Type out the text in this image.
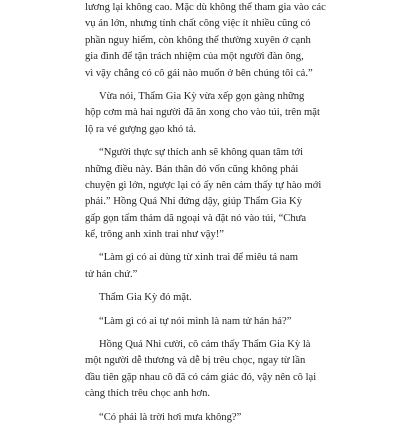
lương lại không cao. Mặc dù không thể tham gia vào các
vụ án lớn, nhưng tính chất công việc ít nhiều cũng có
phần nguy hiểm, còn không thể thường xuyên ở cạnh
gia đình để tận trách nhiệm của một người đàn ông,
vì vậy chẳng có cô gái nào muốn ở bên chúng tôi cả.”
Vừa nói, Thẩm Gia Kỳ vừa xếp gọn gàng những
hộp cơm mà hai người đã ăn xong cho vào túi, trên mặt
lộ ra vẻ gượng gạo khó tả.
“Người thực sự thích anh sẽ không quan tâm tới
những điều này. Bản thân đó vốn cũng không phải
chuyện gì lớn, ngược lại có ấy nên cảm thấy tự hào mới
phải.” Hồng Quả Nhi đứng dậy, giúp Thẩm Gia Kỳ
gấp gọn tấm thảm dã ngoại và đặt nó vào túi, “Chưa
kể, trông anh xinh trai như vậy!”
“Làm gì có ai dùng từ xinh trai để miêu tả nam
tử hán chứ.”
Thẩm Gia Kỳ đỏ mặt.
“Làm gì có ai tự nói mình là nam tử hán hả?”
Hồng Quả Nhi cười, cô cảm thấy Thẩm Gia Kỳ là
một người dễ thương và dễ bị trêu chọc, ngay từ lần
đầu tiên gặp nhau cô đã có cảm giác đó, vậy nên cô lại
càng thích trêu chọc anh hơn.
“Có phải là trời hơi mưa không?”
